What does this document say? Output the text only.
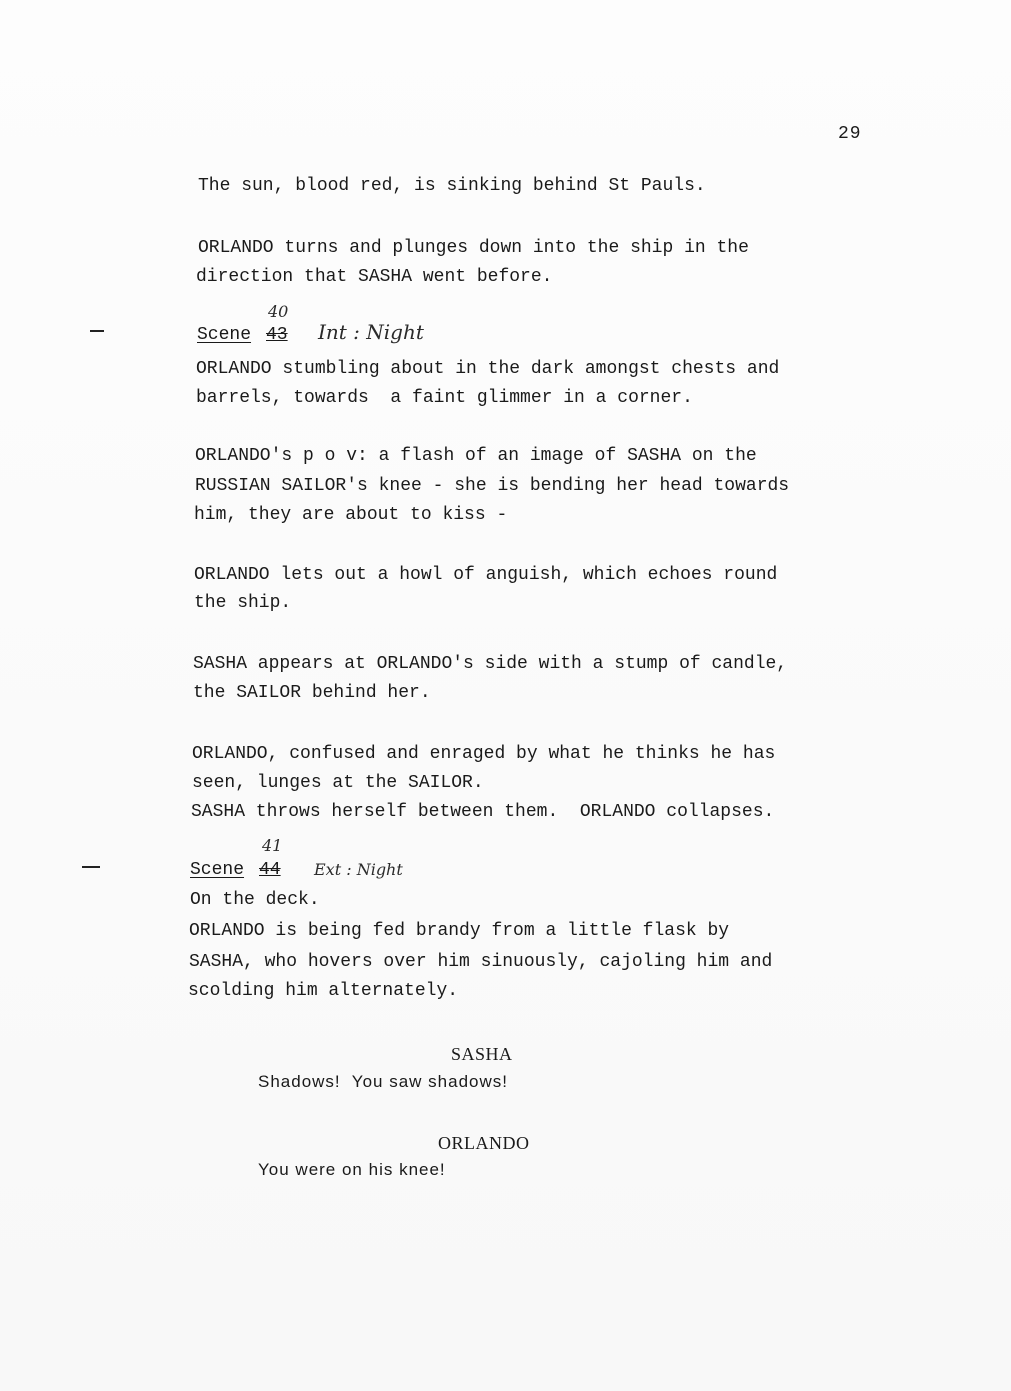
29
The sun, blood red, is sinking behind St Pauls.
ORLANDO turns and plunges down into the ship in the
direction that SASHA went before.
40
Scene 43 Int : Night
ORLANDO stumbling about in the dark amongst chests and
barrels, towards  a faint glimmer in a corner.
ORLANDO's p o v: a flash of an image of SASHA on the
RUSSIAN SAILOR's knee - she is bending her head towards
him, they are about to kiss -
ORLANDO lets out a howl of anguish, which echoes round
the ship.
SASHA appears at ORLANDO's side with a stump of candle,
the SAILOR behind her.
ORLANDO, confused and enraged by what he thinks he has
seen, lunges at the SAILOR.
SASHA throws herself between them.  ORLANDO collapses.
41
Scene 44 Ext : Night
On the deck.
ORLANDO is being fed brandy from a little flask by
SASHA, who hovers over him sinuously, cajoling him and
scolding him alternately.
SASHA
Shadows!  You saw shadows!
ORLANDO
You were on his knee!
